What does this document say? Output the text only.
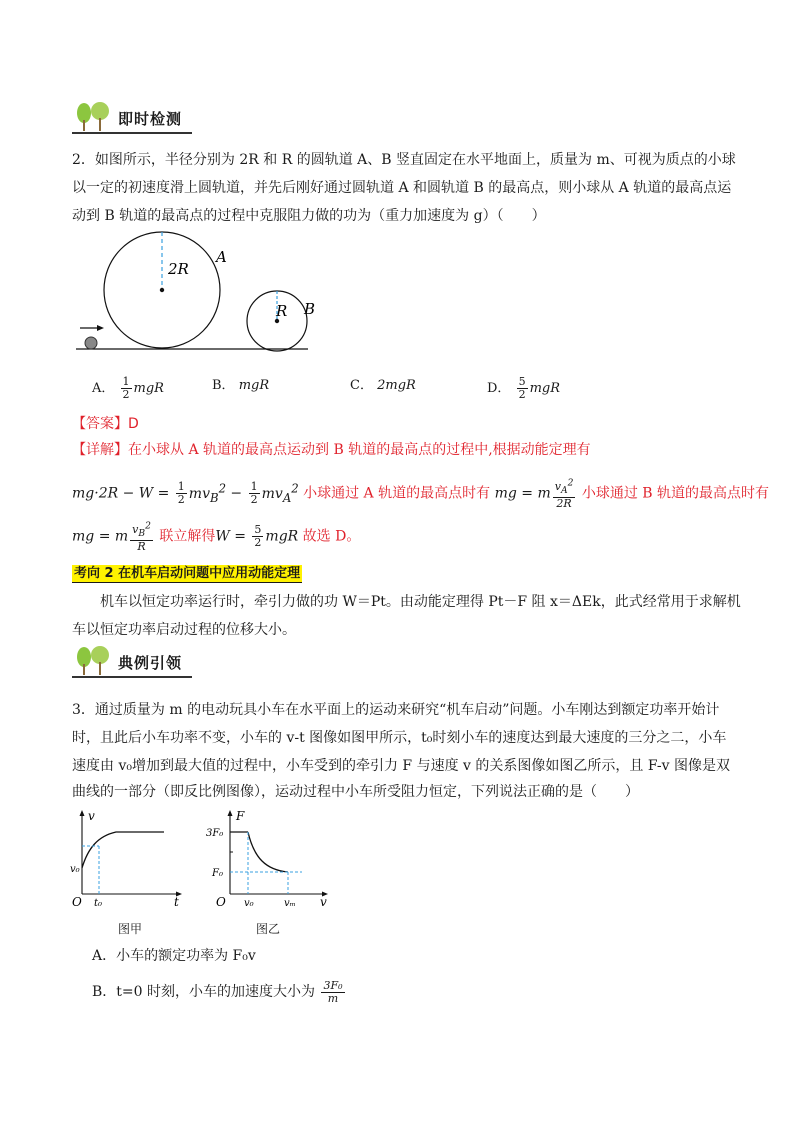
即时检测
2．如图所示，半径分别为 2R 和 R 的圆轨道 A、B 竖直固定在水平地面上，质量为 m、可视为质点的小球
以一定的初速度滑上圆轨道，并先后刚好通过圆轨道 A 和圆轨道 B 的最高点，则小球从 A 轨道的最高点运
动到 B 轨道的最高点的过程中克服阻力做的功为（重力加速度为 g）（　　）
2R
A
R B
A． $\frac{1}{2}$ mgR	B． mgR	C． 2mgR	D． $\frac{5}{2}$ mgR
【答案】D
【详解】在小球从 A 轨道的最高点运动到 B 轨道的最高点的过程中,根据动能定理有
$mg\cdot 2R - W = \frac{1}{2} mv_B^2 - \frac{1}{2} mv_A^2$ 小球通过 A 轨道的最高点时有 mg = m $\frac{v_A^2}{2R}$ 小球通过 B 轨道的最高点时有
mg = m $\frac{v_B^2}{R}$ 联立解得$W = \frac{5}{2}$ mgR 故选 D。
考向 2 在机车启动问题中应用动能定理
机车以恒定功率运行时，牵引力做的功 W＝Pt。由动能定理得 Pt－F 阻 x＝ΔEk，此式经常用于求解机
车以恒定功率启动过程的位移大小。
典例引领
3．通过质量为 m 的电动玩具小车在水平面上的运动来研究“机车启动”问题。小车刚达到额定功率开始计
时，且此后小车功率不变，小车的 v-t 图像如图甲所示，t₀时刻小车的速度达到最大速度的三分之二，小车
速度由 v₀增加到最大值的过程中，小车受到的牵引力 F 与速度 v 的关系图像如图乙所示，且 F-v 图像是双
曲线的一部分（即反比例图像），运动过程中小车所受阻力恒定，下列说法正确的是（　　）
v
t
O
v₀
t₀
图甲
F
v
O
3F₀
F₀
v₀	vₘ
图乙
A．小车的额定功率为 F₀v
B．t=0 时刻，小车的加速度大小为 $\frac{\text{3F₀}}{m}$
